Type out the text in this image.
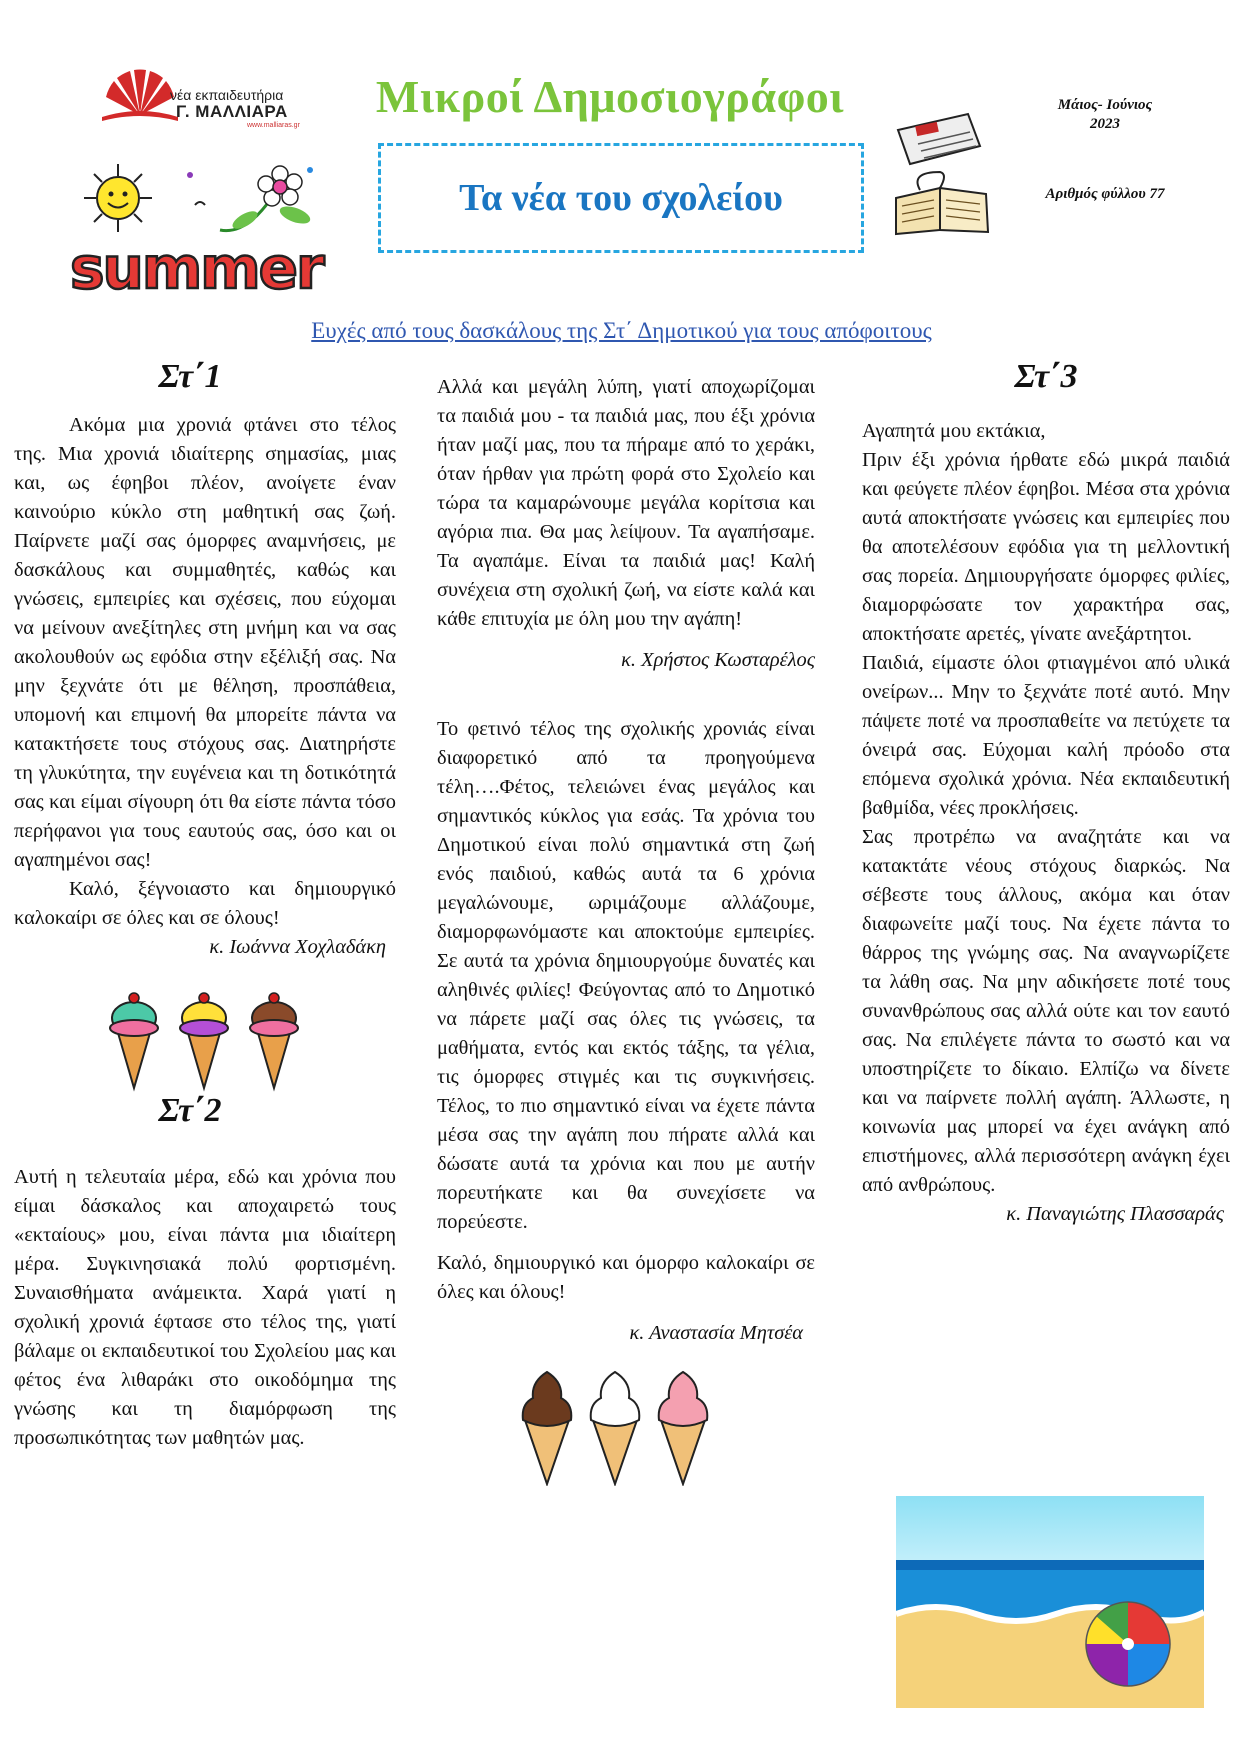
νέα εκπαιδευτήρια
Γ. ΜΑΛΛΙΑΡΑ
www.malliaras.gr
summer
Μικροί Δημοσιογράφοι
Τα νέα του σχολείου
Μάιος- Ιούνιος
2023
Αριθμός φύλλου 77
Ευχές από τους δασκάλους της Στ΄ Δημοτικού για τους απόφοιτους
Στ΄1

Ακόμα μια χρονιά φτάνει στο τέλος της. Μια χρονιά ιδιαίτερης σημασίας, μιας και, ως έφηβοι πλέον, ανοίγετε έναν καινούριο κύκλο στη μαθητική σας ζωή. Παίρνετε μαζί σας όμορφες αναμνήσεις, με δασκάλους και συμμαθητές, καθώς και γνώσεις, εμπειρίες και σχέσεις, που εύχομαι να μείνουν ανεξίτηλες στη μνήμη και να σας ακολουθούν ως εφόδια στην εξέλιξή σας. Να μην ξεχνάτε ότι με θέληση, προσπάθεια, υπομονή και επιμονή θα μπορείτε πάντα να κατακτήσετε τους στόχους σας. Διατηρήστε τη γλυκύτητα, την ευγένεια και τη δοτικότητά σας και είμαι σίγουρη ότι θα είστε πάντα τόσο περήφανοι για τους εαυτούς σας, όσο και οι αγαπημένοι σας!

Καλό, ξέγνοιαστο και δημιουργικό καλοκαίρι σε όλες και σε όλους!

κ. Ιωάννα Χοχλαδάκη

Στ΄2

Αυτή η τελευταία μέρα, εδώ και χρόνια που είμαι δάσκαλος και αποχαιρετώ τους «εκταίους» μου, είναι πάντα μια ιδιαίτερη μέρα. Συγκινησιακά πολύ φορτισμένη. Συναισθήματα ανάμεικτα. Χαρά γιατί η σχολική χρονιά έφτασε στο τέλος της, γιατί βάλαμε οι εκπαιδευτικοί του Σχολείου μας και φέτος ένα λιθαράκι στο οικοδόμημα της γνώσης και τη διαμόρφωση της προσωπικότητας των μαθητών μας.

Αλλά και μεγάλη λύπη, γιατί αποχωρίζομαι τα παιδιά μου - τα παιδιά μας, που έξι χρόνια ήταν μαζί μας, που τα πήραμε από το χεράκι, όταν ήρθαν για πρώτη φορά στο Σχολείο και τώρα τα καμαρώνουμε μεγάλα κορίτσια και αγόρια πια. Θα μας λείψουν. Τα αγαπήσαμε. Τα αγαπάμε. Είναι τα παιδιά μας! Καλή συνέχεια στη σχολική ζωή, να είστε καλά και κάθε επιτυχία με όλη μου την αγάπη!

κ. Χρήστος Κωσταρέλος

Το φετινό τέλος της σχολικής χρονιάς είναι διαφορετικό από τα προηγούμενα τέλη….Φέτος, τελειώνει ένας μεγάλος και σημαντικός κύκλος για εσάς. Τα χρόνια του Δημοτικού είναι πολύ σημαντικά στη ζωή ενός παιδιού, καθώς αυτά τα 6 χρόνια μεγαλώνουμε, ωριμάζουμε αλλάζουμε, διαμορφωνόμαστε και αποκτούμε εμπειρίες. Σε αυτά τα χρόνια δημιουργούμε δυνατές και αληθινές φιλίες! Φεύγοντας από το Δημοτικό να πάρετε μαζί σας όλες τις γνώσεις, τα μαθήματα, εντός και εκτός τάξης, τα γέλια, τις όμορφες στιγμές και τις συγκινήσεις. Τέλος, το πιο σημαντικό είναι να έχετε πάντα μέσα σας την αγάπη που πήρατε αλλά και δώσατε αυτά τα χρόνια και που με αυτήν πορευτήκατε και θα συνεχίσετε να πορεύεστε.

Καλό, δημιουργικό και όμορφο καλοκαίρι σε όλες και όλους!

κ. Αναστασία Μητσέα

Στ΄3

Αγαπητά μου εκτάκια,

Πριν έξι χρόνια ήρθατε εδώ μικρά παιδιά και φεύγετε πλέον έφηβοι. Μέσα στα χρόνια αυτά αποκτήσατε γνώσεις και εμπειρίες που θα αποτελέσουν εφόδια για τη μελλοντική σας πορεία. Δημιουργήσατε όμορφες φιλίες, διαμορφώσατε τον χαρακτήρα σας, αποκτήσατε αρετές, γίνατε ανεξάρτητοι.

Παιδιά, είμαστε όλοι φτιαγμένοι από υλικά ονείρων... Μην το ξεχνάτε ποτέ αυτό. Μην πάψετε ποτέ να προσπαθείτε να πετύχετε τα όνειρά σας. Εύχομαι καλή πρόοδο στα επόμενα σχολικά χρόνια. Νέα εκπαιδευτική βαθμίδα, νέες προκλήσεις.

Σας προτρέπω να αναζητάτε και να κατακτάτε νέους στόχους διαρκώς. Να σέβεστε τους άλλους, ακόμα και όταν διαφωνείτε μαζί τους. Να έχετε πάντα το θάρρος της γνώμης σας. Να αναγνωρίζετε τα λάθη σας. Να μην αδικήσετε ποτέ τους συνανθρώπους σας αλλά ούτε και τον εαυτό σας. Να επιλέγετε πάντα το σωστό και να υποστηρίζετε το δίκαιο. Ελπίζω να δίνετε και να παίρνετε πολλή αγάπη. Άλλωστε, η κοινωνία μας μπορεί να έχει ανάγκη από επιστήμονες, αλλά περισσότερη ανάγκη έχει από ανθρώπους.

κ. Παναγιώτης Πλασσαράς
